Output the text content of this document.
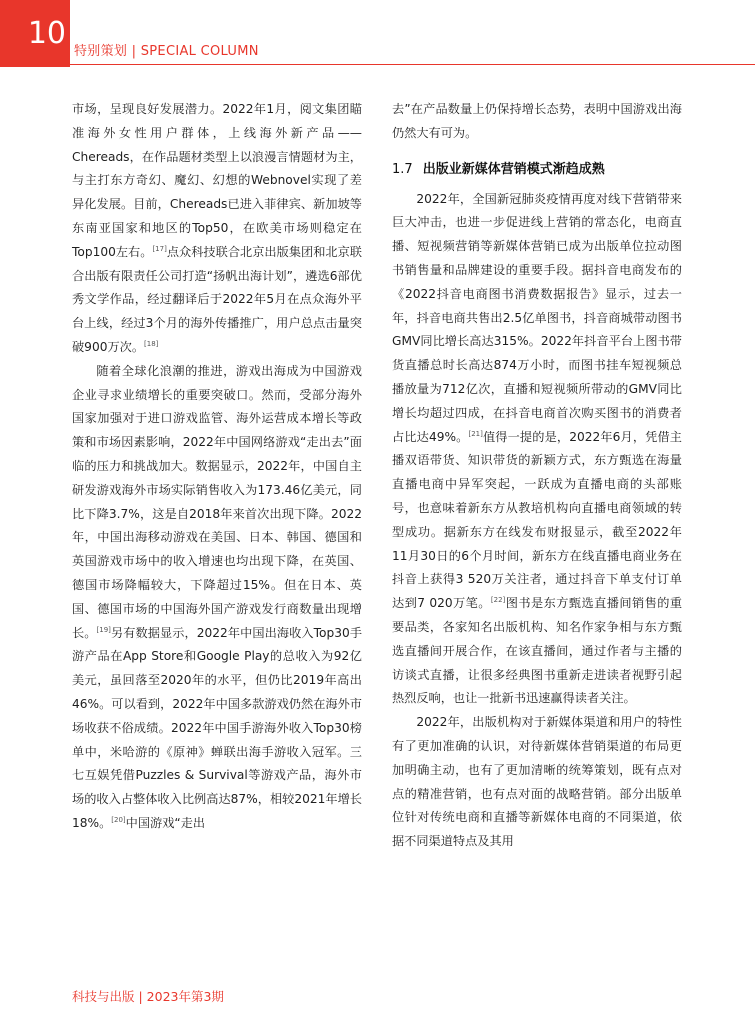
10
特别策划 | SPECIAL COLUMN

市场，呈现良好发展潜力。2022年1月，阅文集团瞄准海外女性用户群体，上线海外新产品——Chereads，在作品题材类型上以浪漫言情题材为主，与主打东方奇幻、魔幻、幻想的Webnovel实现了差异化发展。目前，Chereads已进入菲律宾、新加坡等东南亚国家和地区的Top50，在欧美市场则稳定在Top100左右。[17]点众科技联合北京出版集团和北京联合出版有限责任公司打造“扬帆出海计划”，遴选6部优秀文学作品，经过翻译后于2022年5月在点众海外平台上线，经过3个月的海外传播推广，用户总点击量突破900万次。[18]

随着全球化浪潮的推进，游戏出海成为中国游戏企业寻求业绩增长的重要突破口。然而，受部分海外国家加强对于进口游戏监管、海外运营成本增长等政策和市场因素影响，2022年中国网络游戏“走出去”面临的压力和挑战加大。数据显示，2022年，中国自主研发游戏海外市场实际销售收入为173.46亿美元，同比下降3.7%，这是自2018年来首次出现下降。2022年，中国出海移动游戏在美国、日本、韩国、德国和英国游戏市场中的收入增速也均出现下降，在英国、德国市场降幅较大，下降超过15%。但在日本、英国、德国市场的中国海外国产游戏发行商数量出现增长。[19]另有数据显示，2022年中国出海收入Top30手游产品在App Store和Google Play的总收入为92亿美元，虽回落至2020年的水平，但仍比2019年高出46%。可以看到，2022年中国多款游戏仍然在海外市场收获不俗成绩。2022年中国手游海外收入Top30榜单中，米哈游的《原神》蝉联出海手游收入冠军。三七互娱凭借Puzzles & Survival等游戏产品，海外市场的收入占整体收入比例高达87%，相较2021年增长18%。[20]中国游戏“走出

去”在产品数量上仍保持增长态势，表明中国游戏出海仍然大有可为。

1.7 出版业新媒体营销模式渐趋成熟

2022年，全国新冠肺炎疫情再度对线下营销带来巨大冲击，也进一步促进线上营销的常态化，电商直播、短视频营销等新媒体营销已成为出版单位拉动图书销售量和品牌建设的重要手段。据抖音电商发布的《2022抖音电商图书消费数据报告》显示，过去一年，抖音电商共售出2.5亿单图书，抖音商城带动图书GMV同比增长高达315%。2022年抖音平台上图书带货直播总时长高达874万小时，而图书挂车短视频总播放量为712亿次，直播和短视频所带动的GMV同比增长均超过四成，在抖音电商首次购买图书的消费者占比达49%。[21]值得一提的是，2022年6月，凭借主播双语带货、知识带货的新颖方式，东方甄选在海量直播电商中异军突起，一跃成为直播电商的头部账号，也意味着新东方从教培机构向直播电商领域的转型成功。据新东方在线发布财报显示，截至2022年11月30日的6个月时间，新东方在线直播电商业务在抖音上获得3 520万关注者，通过抖音下单支付订单达到7 020万笔。[22]图书是东方甄选直播间销售的重要品类，各家知名出版机构、知名作家争相与东方甄选直播间开展合作，在该直播间，通过作者与主播的访谈式直播，让很多经典图书重新走进读者视野引起热烈反响，也让一批新书迅速赢得读者关注。

2022年，出版机构对于新媒体渠道和用户的特性有了更加准确的认识，对待新媒体营销渠道的布局更加明确主动，也有了更加清晰的统筹策划，既有点对点的精准营销，也有点对面的战略营销。部分出版单位针对传统电商和直播等新媒体电商的不同渠道，依据不同渠道特点及其用

科技与出版 | 2023年第3期
